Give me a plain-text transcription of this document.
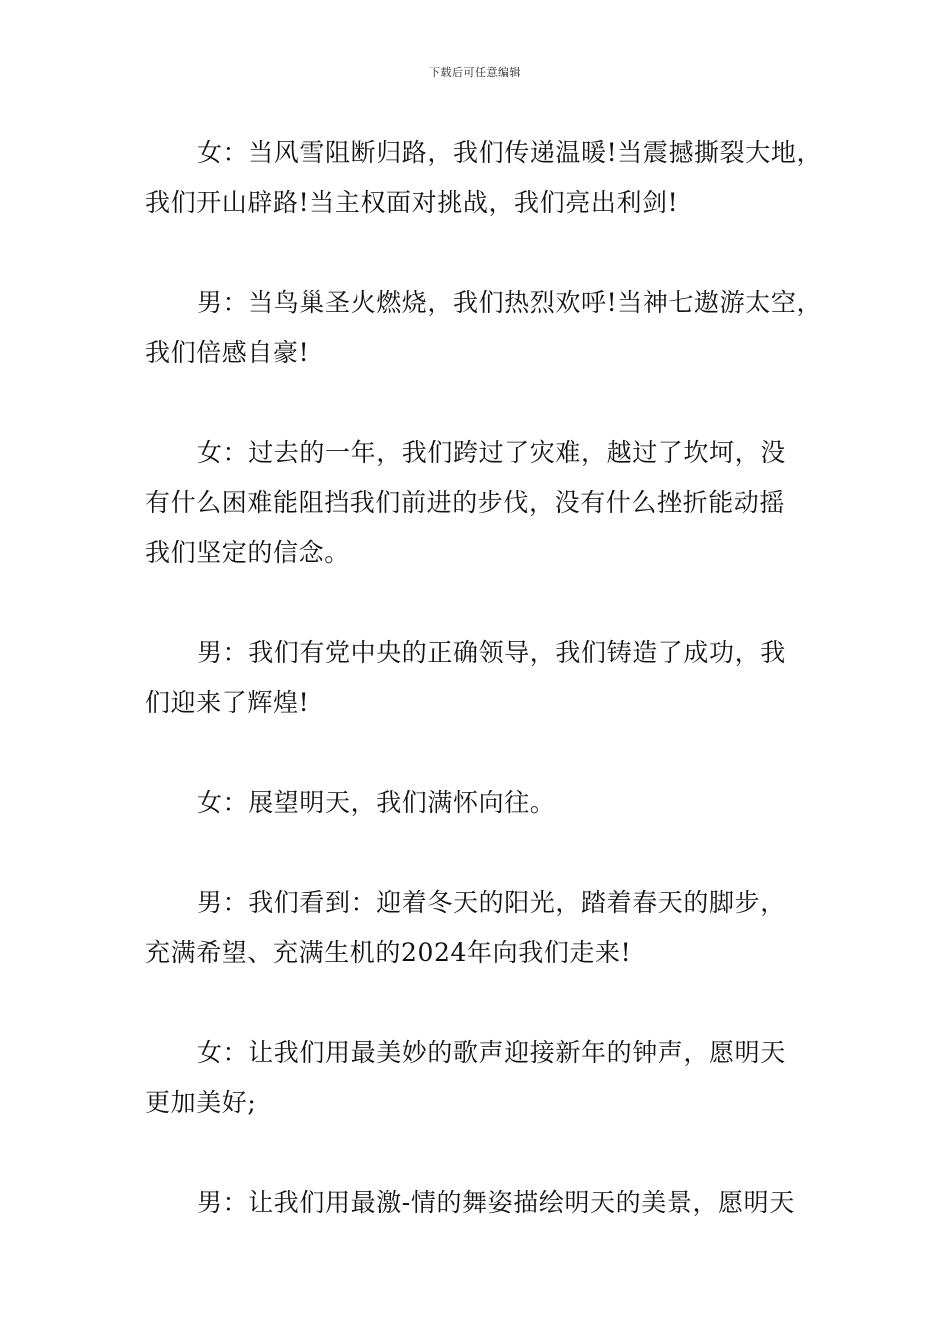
下载后可任意编辑

女：当风雪阻断归路，我们传递温暖!当震撼撕裂大地，
我们开山辟路!当主权面对挑战，我们亮出利剑!

男：当鸟巢圣火燃烧，我们热烈欢呼!当神七遨游太空，
我们倍感自豪!

女：过去的一年，我们跨过了灾难，越过了坎坷，没
有什么困难能阻挡我们前进的步伐，没有什么挫折能动摇
我们坚定的信念。

男：我们有党中央的正确领导，我们铸造了成功，我
们迎来了辉煌!

女：展望明天，我们满怀向往。

男：我们看到：迎着冬天的阳光，踏着春天的脚步，
充满希望、充满生机的2024年向我们走来!

女：让我们用最美妙的歌声迎接新年的钟声，愿明天
更加美好;

男：让我们用最激-情的舞姿描绘明天的美景，愿明天
